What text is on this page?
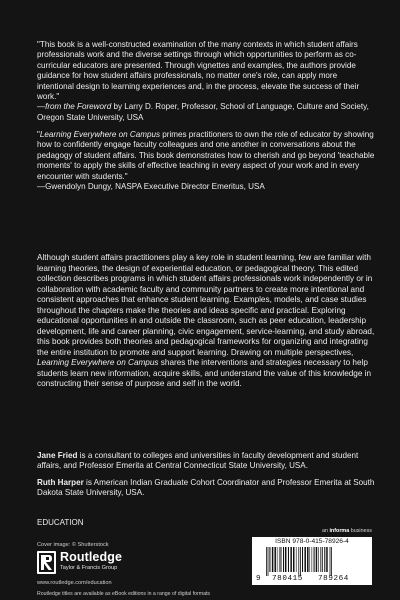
"This book is a well-constructed examination of the many contexts in which student affairs professionals work and the diverse settings through which opportunities to perform as co-curricular educators are presented. Through vignettes and examples, the authors provide guidance for how student affairs professionals, no matter one's role, can apply more intentional design to learning experiences and, in the process, elevate the success of their work."
—from the Foreword by Larry D. Roper, Professor, School of Language, Culture and Society, Oregon State University, USA
"Learning Everywhere on Campus primes practitioners to own the role of educator by showing how to confidently engage faculty colleagues and one another in conversations about the pedagogy of student affairs. This book demonstrates how to cherish and go beyond 'teachable moments' to apply the skills of effective teaching in every aspect of your work and in every encounter with students."
—Gwendolyn Dungy, NASPA Executive Director Emeritus, USA
Although student affairs practitioners play a key role in student learning, few are familiar with learning theories, the design of experiential education, or pedagogical theory. This edited collection describes programs in which student affairs professionals work independently or in collaboration with academic faculty and community partners to create more intentional and consistent approaches that enhance student learning. Examples, models, and case studies throughout the chapters make the theories and ideas specific and practical. Exploring educational opportunities in and outside the classroom, such as peer education, leadership development, life and career planning, civic engagement, service-learning, and study abroad, this book provides both theories and pedagogical frameworks for organizing and integrating the entire institution to promote and support learning. Drawing on multiple perspectives, Learning Everywhere on Campus shares the interventions and strategies necessary to help students learn new information, acquire skills, and understand the value of this knowledge in constructing their sense of purpose and self in the world.
Jane Fried is a consultant to colleges and universities in faculty development and student affairs, and Professor Emerita at Central Connecticut State University, USA.
Ruth Harper is American Indian Graduate Cohort Coordinator and Professor Emerita at South Dakota State University, USA.
EDUCATION
Cover image: © Shutterstock
Routledge
Taylor & Francis Group
www.routledge.com/education
Routledge titles are available as eBook editions in a range of digital formats
an informa business
ISBN 978-0-415-78926-4
9 780415 789264
